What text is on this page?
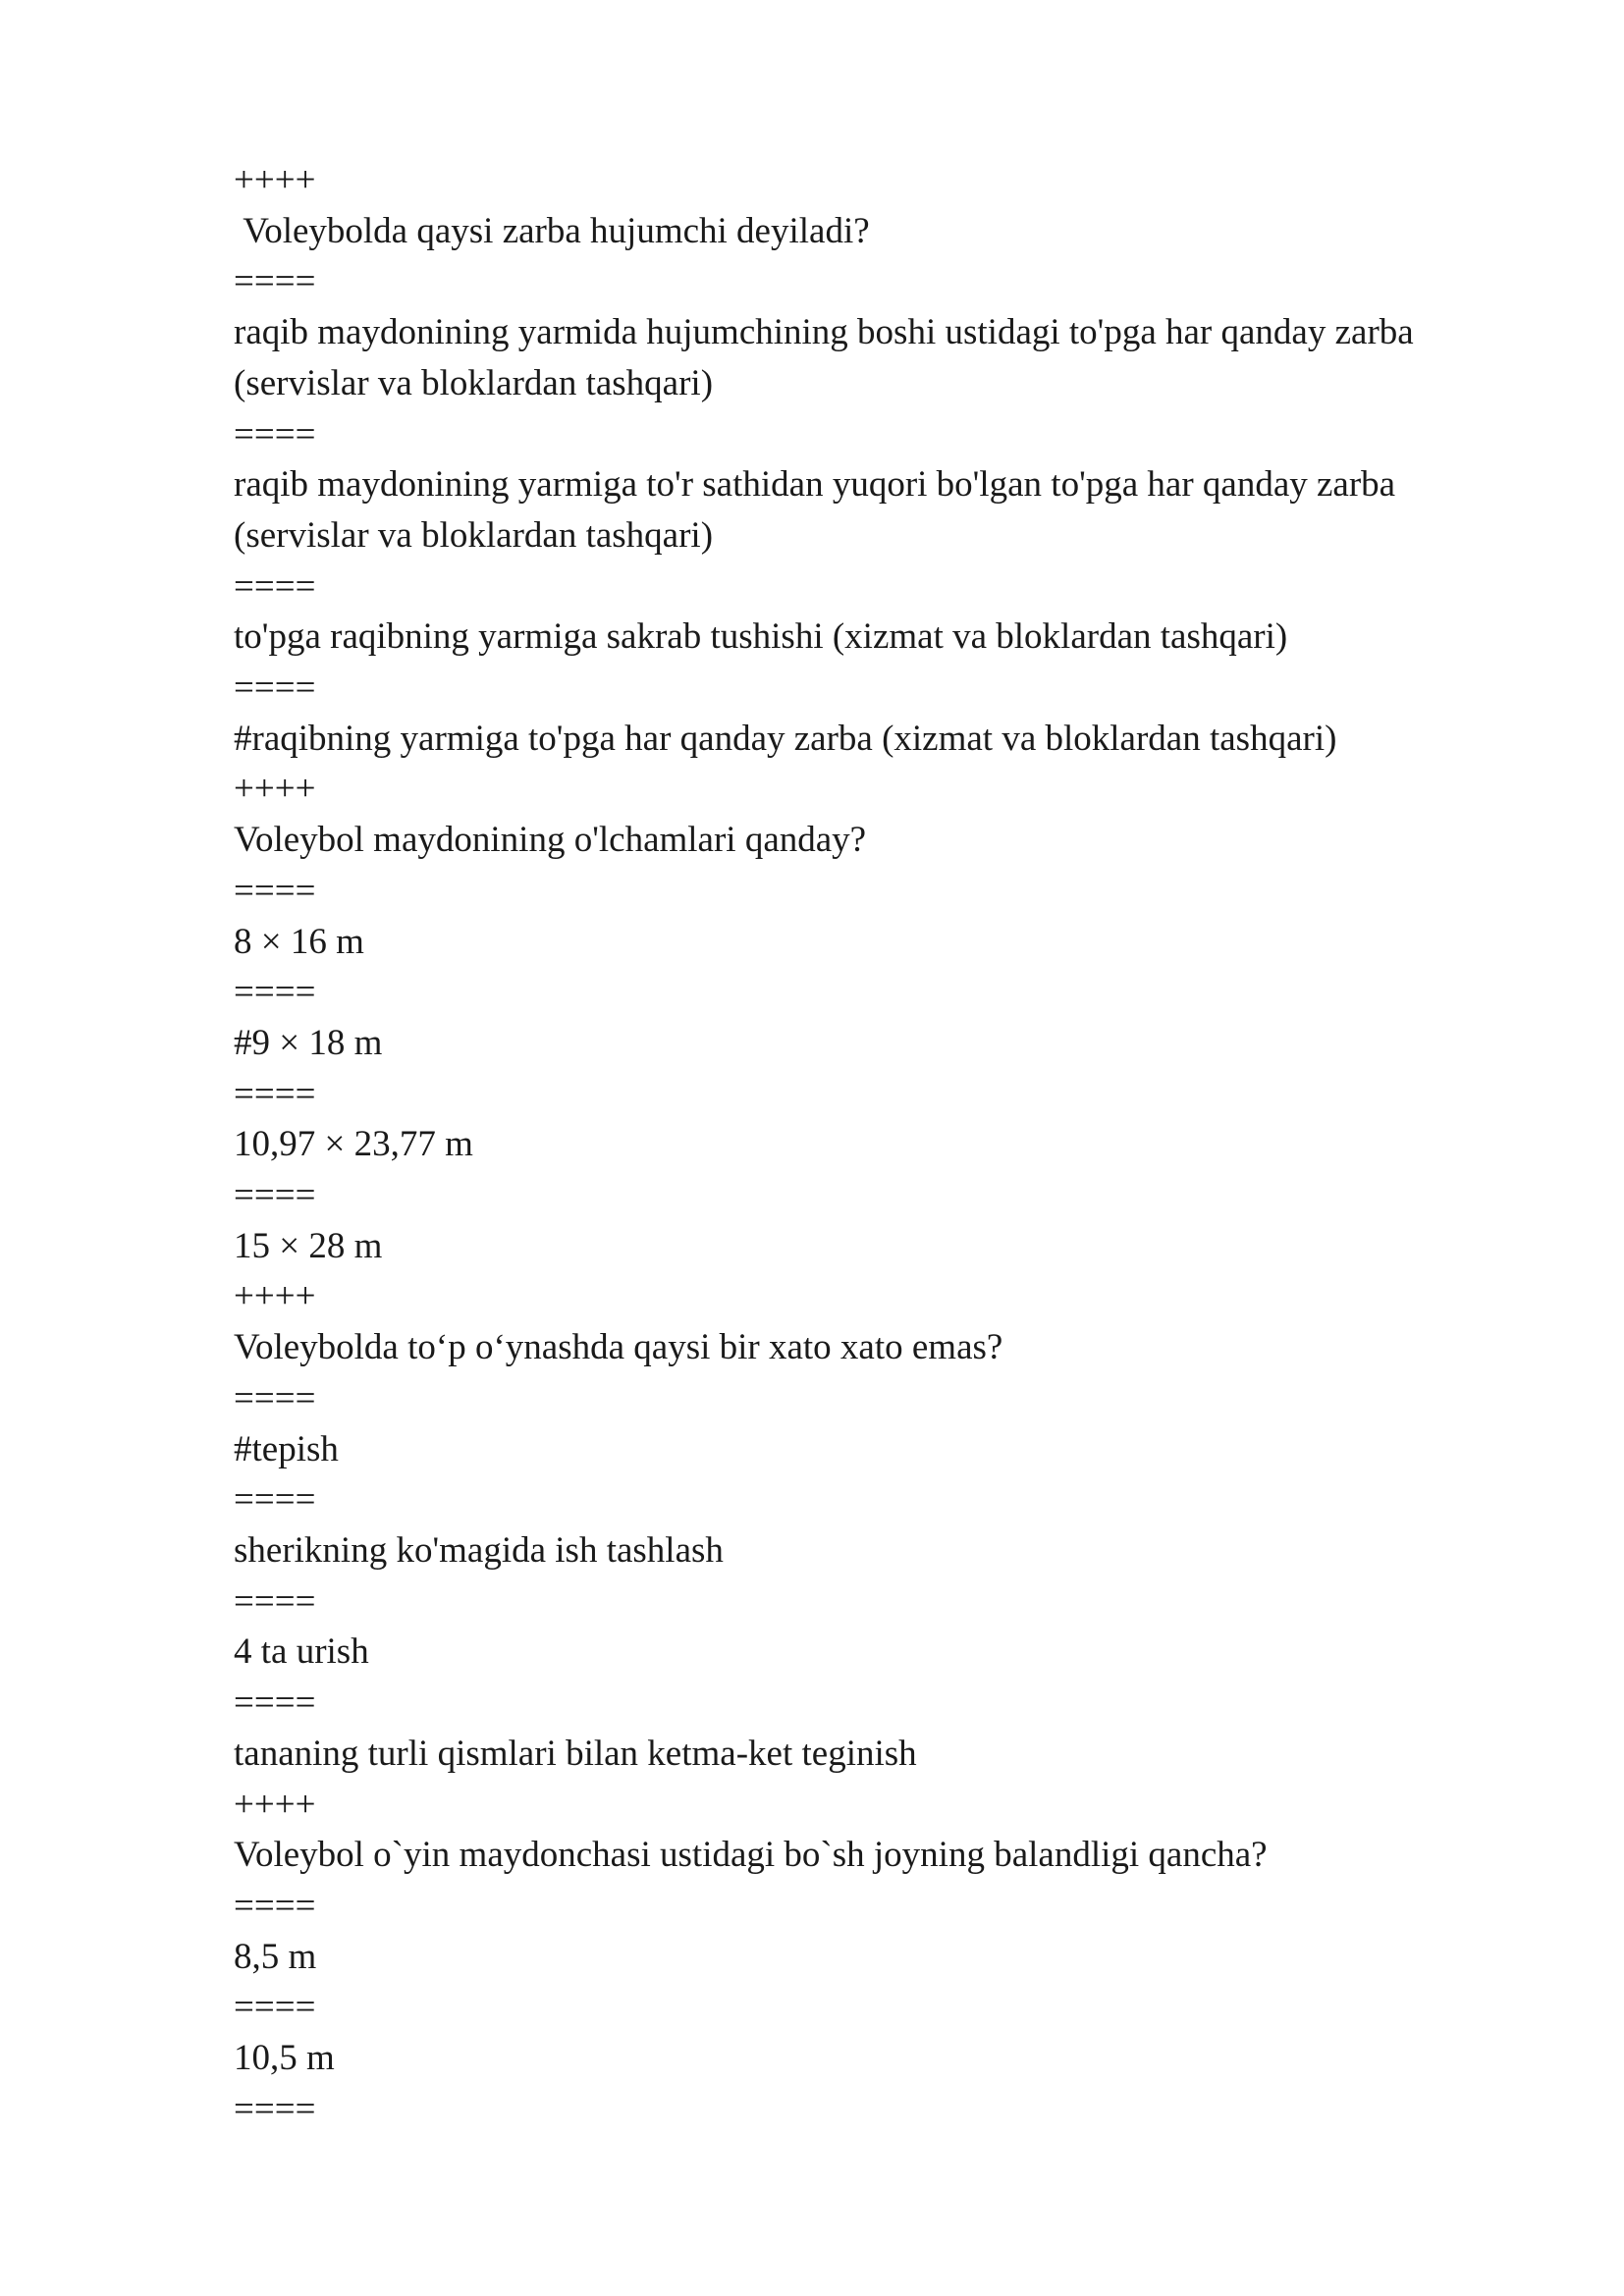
++++

Voleybolda qaysi zarba hujumchi deyiladi?

====

raqib maydonining yarmida hujumchining boshi ustidagi to'pga har qanday zarba (servislar va bloklardan tashqari)

====

raqib maydonining yarmiga to'r sathidan yuqori bo'lgan to'pga har qanday zarba (servislar va bloklardan tashqari)

====

to'pga raqibning yarmiga sakrab tushishi (xizmat va bloklardan tashqari)

====

#raqibning yarmiga to'pga har qanday zarba (xizmat va bloklardan tashqari)

++++

Voleybol maydonining o'lchamlari qanday?

====

8 × 16 m

====

#9 × 18 m

====

10,97 × 23,77 m

====

15 × 28 m

++++

Voleybolda to‘p o‘ynashda qaysi bir xato xato emas?

====

#tepish

====

sherikning ko'magida ish tashlash

====

4 ta urish

====

tananing turli qismlari bilan ketma-ket teginish

++++

Voleybol o`yin maydonchasi ustidagi bo`sh joyning balandligi qancha?

====

8,5 m

====

10,5 m

====
